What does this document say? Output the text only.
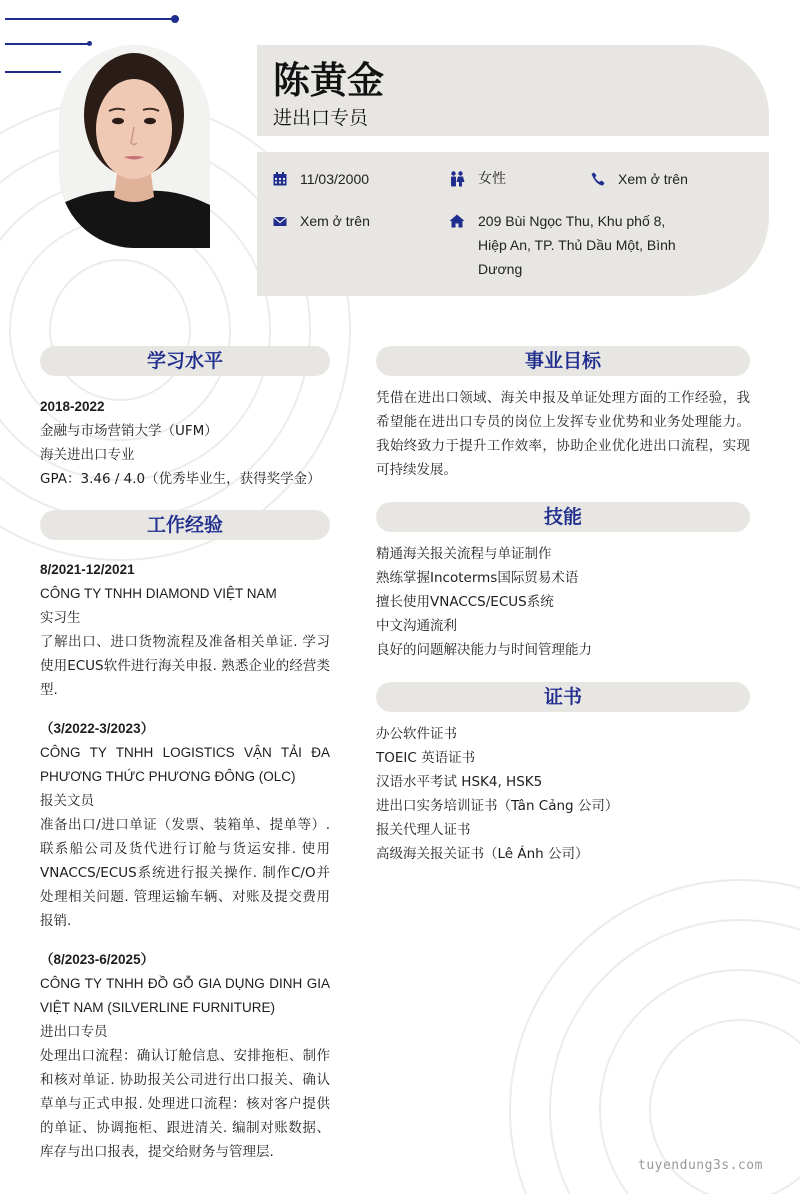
陈黄金
进出口专员
11/03/2000	女性	Xem ở trên
Xem ở trên	209 Bùi Ngọc Thu, Khu phố 8, Hiệp An, TP. Thủ Dầu Một, Bình Dương
学习水平

2018-2022

金融与市场营销大学（UFM）

海关进出口专业

GPA：3.46 / 4.0（优秀毕业生，获得奖学金）

工作经验

8/2021-12/2021

CÔNG TY TNHH DIAMOND VIỆT NAM

实习生

了解出口、进口货物流程及准备相关单证. 学习使用ECUS软件进行海关申报. 熟悉企业的经营类型.

（3/2022-3/2023）

CÔNG TY TNHH LOGISTICS VẬN TẢI ĐA PHƯƠNG THỨC PHƯƠNG ĐÔNG (OLC)

报关文员

准备出口/进口单证（发票、装箱单、提单等）. 联系船公司及货代进行订舱与货运安排. 使用VNACCS/ECUS系统进行报关操作. 制作C/O并处理相关问题. 管理运输车辆、对账及提交费用报销.

（8/2023-6/2025）

CÔNG TY TNHH ĐỒ GỖ GIA DỤNG DINH GIA VIỆT NAM (SILVERLINE FURNITURE)

进出口专员

处理出口流程：确认订舱信息、安排拖柜、制作和核对单证. 协助报关公司进行出口报关、确认草单与正式申报. 处理进口流程：核对客户提供的单证、协调拖柜、跟进清关. 编制对账数据、库存与出口报表，提交给财务与管理层.

事业目标

凭借在进出口领域、海关申报及单证处理方面的工作经验，我希望能在进出口专员的岗位上发挥专业优势和业务处理能力。我始终致力于提升工作效率，协助企业优化进出口流程，实现可持续发展。

技能

精通海关报关流程与单证制作

熟练掌握Incoterms国际贸易术语

擅长使用VNACCS/ECUS系统

中文沟通流利

良好的问题解决能力与时间管理能力

证书

办公软件证书

TOEIC 英语证书

汉语水平考试 HSK4, HSK5

进出口实务培训证书（Tân Cảng 公司）

报关代理人证书

高级海关报关证书（Lê Ánh 公司）

tuyendung3s.com
